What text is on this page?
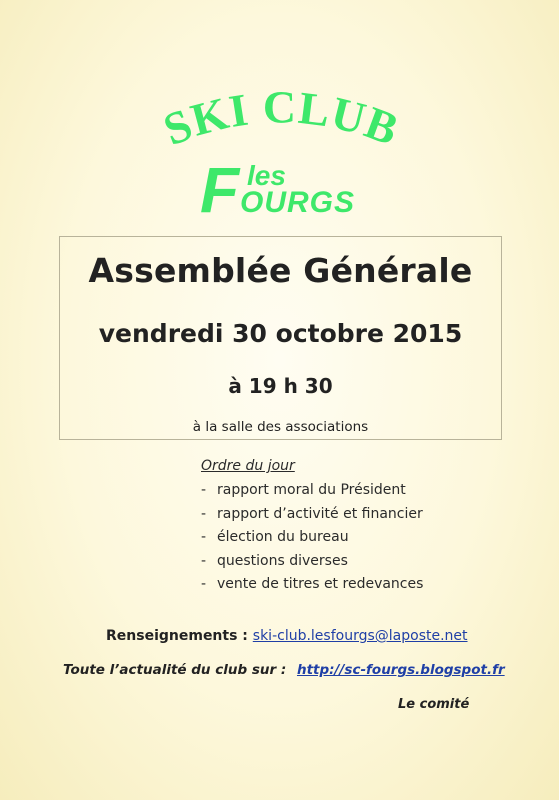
SKI CLUB
F les
OURGS
Assemblée Générale
vendredi 30 octobre 2015
à 19 h 30
à la salle des associations
Ordre du jour
- rapport moral du Président
- rapport d’activité et financier
- élection du bureau
- questions diverses
- vente de titres et redevances
Renseignements : ski-club.lesfourgs@laposte.net
Toute l’actualité du club sur : http://sc-fourgs.blogspot.fr
Le comité
